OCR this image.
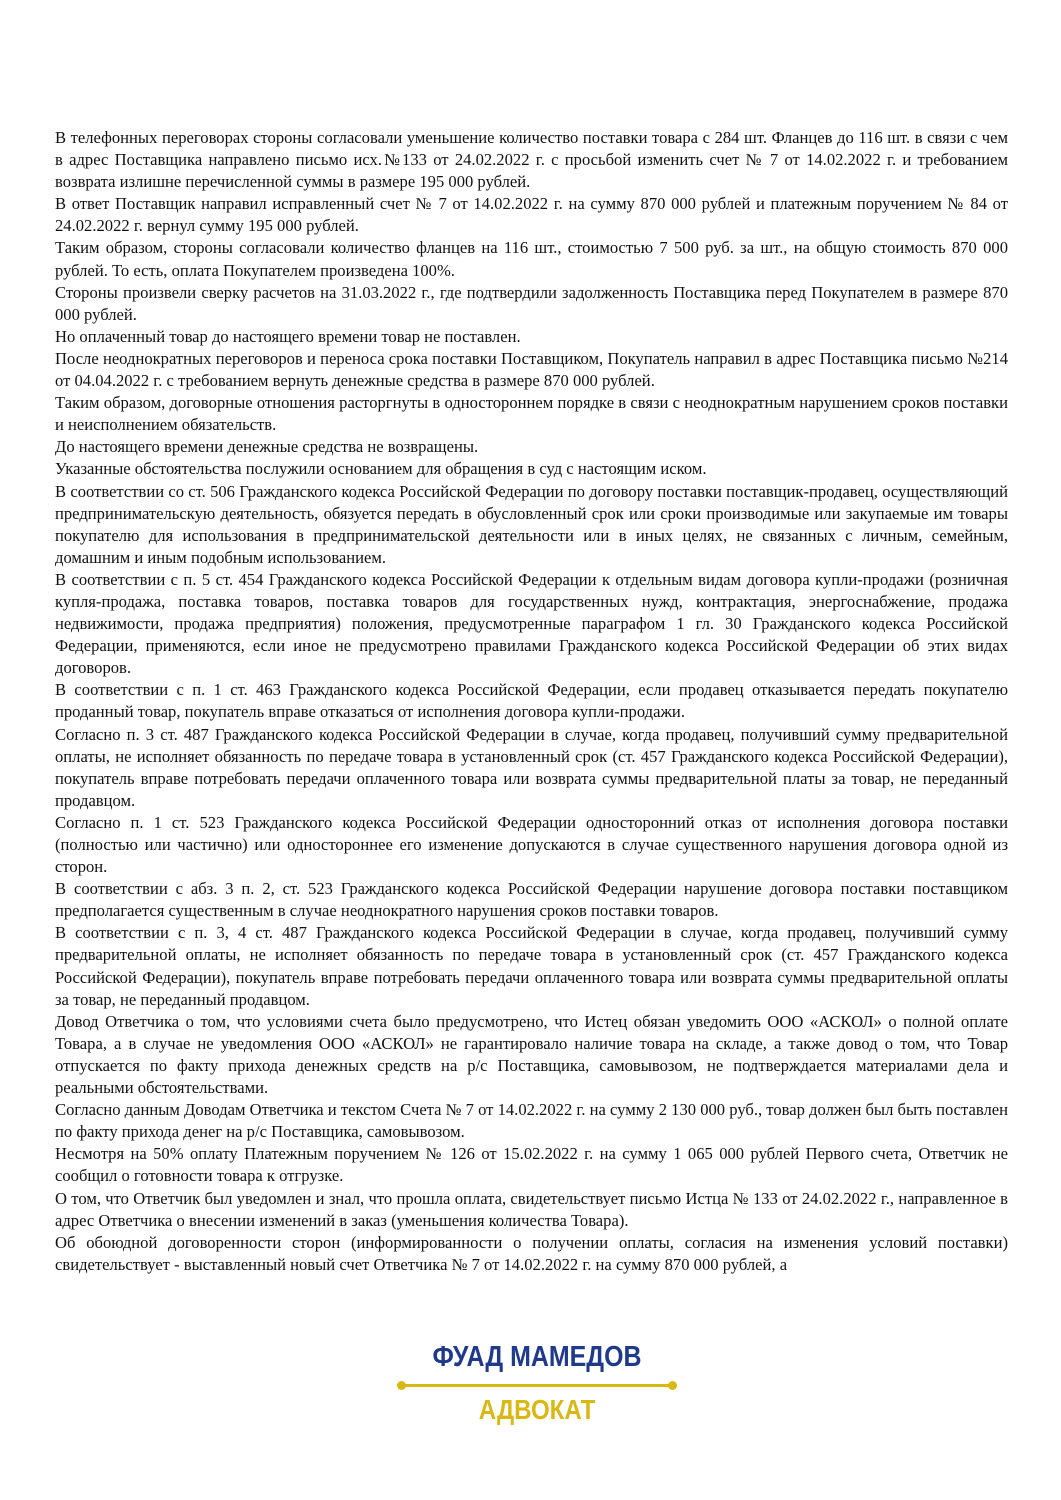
В телефонных переговорах стороны согласовали уменьшение количество поставки товара с 284 шт. Фланцев до 116 шт. в связи с чем в адрес Поставщика направлено письмо исх.№133 от 24.02.2022 г. с просьбой изменить счет № 7 от 14.02.2022 г. и требованием возврата излишне перечисленной суммы в размере 195 000 рублей.

В ответ Поставщик направил исправленный счет № 7 от 14.02.2022 г. на сумму 870 000 рублей и платежным поручением № 84 от 24.02.2022 г. вернул сумму 195 000 рублей.

Таким образом, стороны согласовали количество фланцев на 116 шт., стоимостью 7 500 руб. за шт., на общую стоимость 870 000 рублей. То есть, оплата Покупателем произведена 100%.

Стороны произвели сверку расчетов на 31.03.2022 г., где подтвердили задолженность Поставщика перед Покупателем в размере 870 000 рублей.

Но оплаченный товар до настоящего времени товар не поставлен.

После неоднократных переговоров и переноса срока поставки Поставщиком, Покупатель направил в адрес Поставщика письмо №214 от 04.04.2022 г. с требованием вернуть денежные средства в размере 870 000 рублей.

Таким образом, договорные отношения расторгнуты в одностороннем порядке в связи с неоднократным нарушением сроков поставки и неисполнением обязательств.

До настоящего времени денежные средства не возвращены.

Указанные обстоятельства послужили основанием для обращения в суд с настоящим иском.

В соответствии со ст. 506 Гражданского кодекса Российской Федерации по договору поставки поставщик-продавец, осуществляющий предпринимательскую деятельность, обязуется передать в обусловленный срок или сроки производимые или закупаемые им товары покупателю для использования в предпринимательской деятельности или в иных целях, не связанных с личным, семейным, домашним и иным подобным использованием.

В соответствии с п. 5 ст. 454 Гражданского кодекса Российской Федерации к отдельным видам договора купли-продажи (розничная купля-продажа, поставка товаров, поставка товаров для государственных нужд, контрактация, энергоснабжение, продажа недвижимости, продажа предприятия) положения, предусмотренные параграфом 1 гл. 30 Гражданского кодекса Российской Федерации, применяются, если иное не предусмотрено правилами Гражданского кодекса Российской Федерации об этих видах договоров.

В соответствии с п. 1 ст. 463 Гражданского кодекса Российской Федерации, если продавец отказывается передать покупателю проданный товар, покупатель вправе отказаться от исполнения договора купли-продажи.

Согласно п. 3 ст. 487 Гражданского кодекса Российской Федерации в случае, когда продавец, получивший сумму предварительной оплаты, не исполняет обязанность по передаче товара в установленный срок (ст. 457 Гражданского кодекса Российской Федерации), покупатель вправе потребовать передачи оплаченного товара или возврата суммы предварительной платы за товар, не переданный продавцом.

Согласно п. 1 ст. 523 Гражданского кодекса Российской Федерации односторонний отказ от исполнения договора поставки (полностью или частично) или одностороннее его изменение допускаются в случае существенного нарушения договора одной из сторон.

В соответствии с абз. 3 п. 2, ст. 523 Гражданского кодекса Российской Федерации нарушение договора поставки поставщиком предполагается существенным в случае неоднократного нарушения сроков поставки товаров.

В соответствии с п. 3, 4 ст. 487 Гражданского кодекса Российской Федерации в случае, когда продавец, получивший сумму предварительной оплаты, не исполняет обязанность по передаче товара в установленный срок (ст. 457 Гражданского кодекса Российской Федерации), покупатель вправе потребовать передачи оплаченного товара или возврата суммы предварительной оплаты за товар, не переданный продавцом.

Довод Ответчика о том, что условиями счета было предусмотрено, что Истец обязан уведомить ООО «АСКОЛ» о полной оплате Товара, а в случае не уведомления ООО «АСКОЛ» не гарантировало наличие товара на складе, а также довод о том, что Товар отпускается по факту прихода денежных средств на р/с Поставщика, самовывозом, не подтверждается материалами дела и реальными обстоятельствами.

Согласно данным Доводам Ответчика и текстом Счета № 7 от 14.02.2022 г. на сумму 2 130 000 руб., товар должен был быть поставлен по факту прихода денег на р/с Поставщика, самовывозом.

Несмотря на 50% оплату Платежным поручением № 126 от 15.02.2022 г. на сумму 1 065 000 рублей Первого счета, Ответчик не сообщил о готовности товара к отгрузке.

О том, что Ответчик был уведомлен и знал, что прошла оплата, свидетельствует письмо Истца № 133 от 24.02.2022 г., направленное в адрес Ответчика о внесении изменений в заказ (уменьшения количества Товара).

Об обоюдной договоренности сторон (информированности о получении оплаты, согласия на изменения условий поставки) свидетельствует - выставленный новый счет Ответчика № 7 от 14.02.2022 г. на сумму 870 000 рублей, а

ФУАД МАМЕДОВ
АДВОКАТ
